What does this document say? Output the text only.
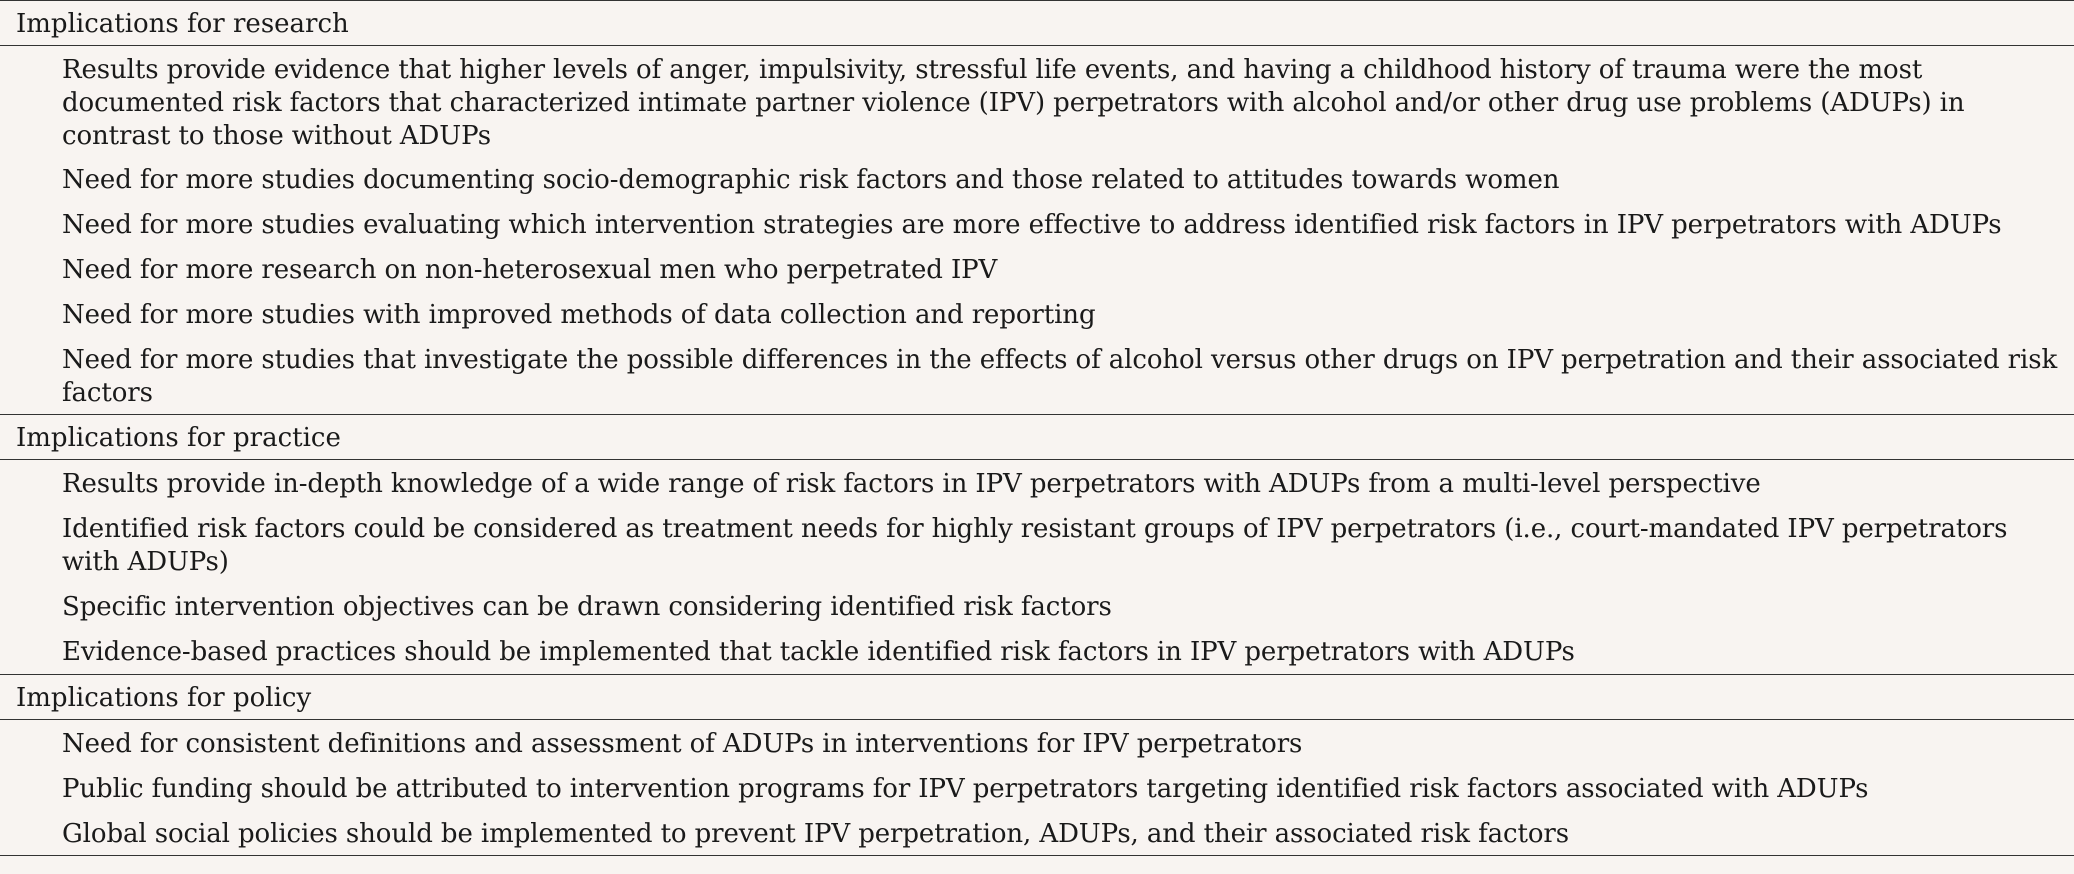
Implications for research

Results provide evidence that higher levels of anger, impulsivity, stressful life events, and having a childhood history of trauma were the most documented risk factors that characterized intimate partner violence (IPV) perpetrators with alcohol and/or other drug use problems (ADUPs) in contrast to those without ADUPs

Need for more studies documenting socio-demographic risk factors and those related to attitudes towards women

Need for more studies evaluating which intervention strategies are more effective to address identified risk factors in IPV perpetrators with ADUPs

Need for more research on non-heterosexual men who perpetrated IPV

Need for more studies with improved methods of data collection and reporting

Need for more studies that investigate the possible differences in the effects of alcohol versus other drugs on IPV perpetration and their associated risk factors

Implications for practice

Results provide in-depth knowledge of a wide range of risk factors in IPV perpetrators with ADUPs from a multi-level perspective

Identified risk factors could be considered as treatment needs for highly resistant groups of IPV perpetrators (i.e., court-mandated IPV perpetrators with ADUPs)

Specific intervention objectives can be drawn considering identified risk factors

Evidence-based practices should be implemented that tackle identified risk factors in IPV perpetrators with ADUPs

Implications for policy

Need for consistent definitions and assessment of ADUPs in interventions for IPV perpetrators

Public funding should be attributed to intervention programs for IPV perpetrators targeting identified risk factors associated with ADUPs

Global social policies should be implemented to prevent IPV perpetration, ADUPs, and their associated risk factors
